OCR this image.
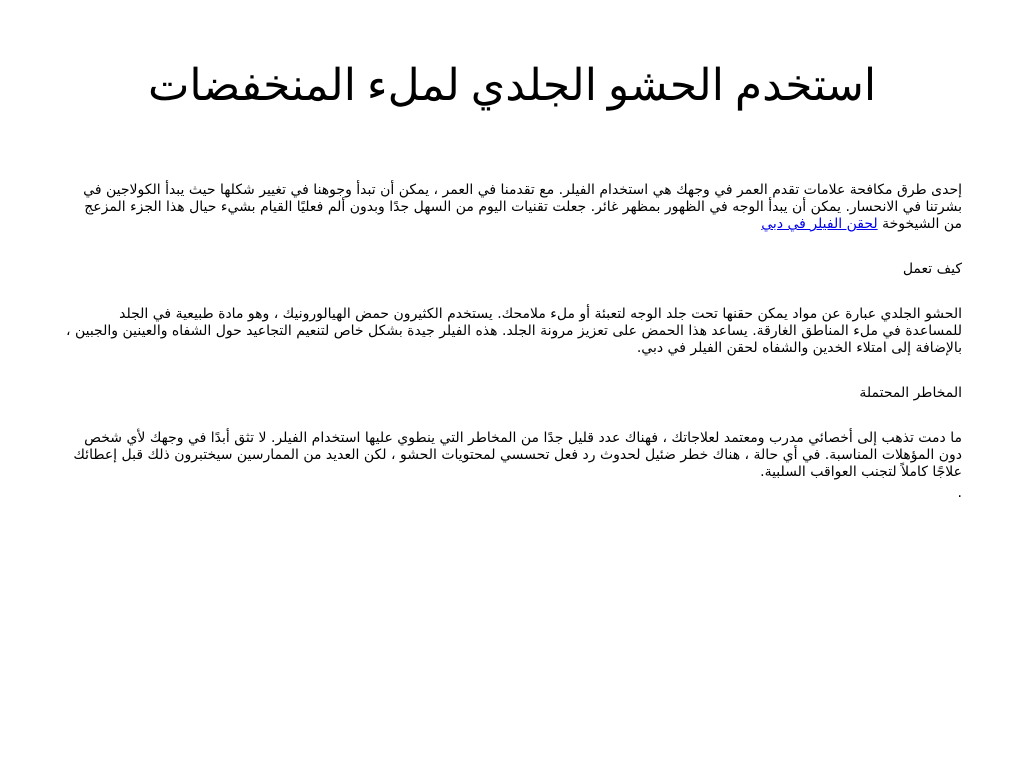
استخدم الحشو الجلدي لملء المنخفضات

إحدى طرق مكافحة علامات تقدم العمر في وجهك هي استخدام الفيلر. مع تقدمنا في العمر ، يمكن أن تبدأ وجوهنا في تغيير شكلها حيث يبدأ الكولاجين في بشرتنا في الانحسار. يمكن أن يبدأ الوجه في الظهور بمظهر غائر. جعلت تقنيات اليوم من السهل جدًا وبدون ألم فعليًا القيام بشيء حيال هذا الجزء المزعج من الشيخوخة لحقن الفيلر في دبي

كيف تعمل

الحشو الجلدي عبارة عن مواد يمكن حقنها تحت جلد الوجه لتعبئة أو ملء ملامحك. يستخدم الكثيرون حمض الهيالورونيك ، وهو مادة طبيعية في الجلد للمساعدة في ملء المناطق الغارقة. يساعد هذا الحمض على تعزيز مرونة الجلد. هذه الفيلر جيدة بشكل خاص لتنعيم التجاعيد حول الشفاه والعينين والجبين ، بالإضافة إلى امتلاء الخدين والشفاه لحقن الفيلر في دبي.

المخاطر المحتملة

ما دمت تذهب إلى أخصائي مدرب ومعتمد لعلاجاتك ، فهناك عدد قليل جدًا من المخاطر التي ينطوي عليها استخدام الفيلر. لا تثق أبدًا في وجهك لأي شخص دون المؤهلات المناسبة. في أي حالة ، هناك خطر ضئيل لحدوث رد فعل تحسسي لمحتويات الحشو ، لكن العديد من الممارسين سيختبرون ذلك قبل إعطائك علاجًا كاملاً لتجنب العواقب السلبية.

.
